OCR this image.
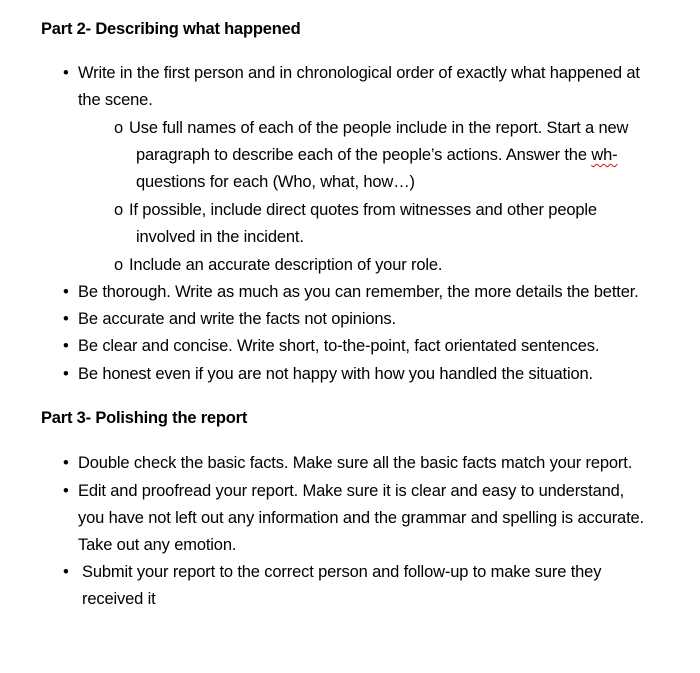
Part 2- Describing what happened
• Write in the first person and in chronological order of exactly what happened at the scene.
o Use full names of each of the people include in the report. Start a new paragraph to describe each of the people’s actions. Answer the wh- questions for each (Who, what, how…)
o If possible, include direct quotes from witnesses and other people involved in the incident.
o Include an accurate description of your role.
• Be thorough. Write as much as you can remember, the more details the better.
• Be accurate and write the facts not opinions.
• Be clear and concise. Write short, to-the-point, fact orientated sentences.
• Be honest even if you are not happy with how you handled the situation.
Part 3- Polishing the report
• Double check the basic facts. Make sure all the basic facts match your report.
• Edit and proofread your report. Make sure it is clear and easy to understand, you have not left out any information and the grammar and spelling is accurate. Take out any emotion.
• Submit your report to the correct person and follow-up to make sure they received it
